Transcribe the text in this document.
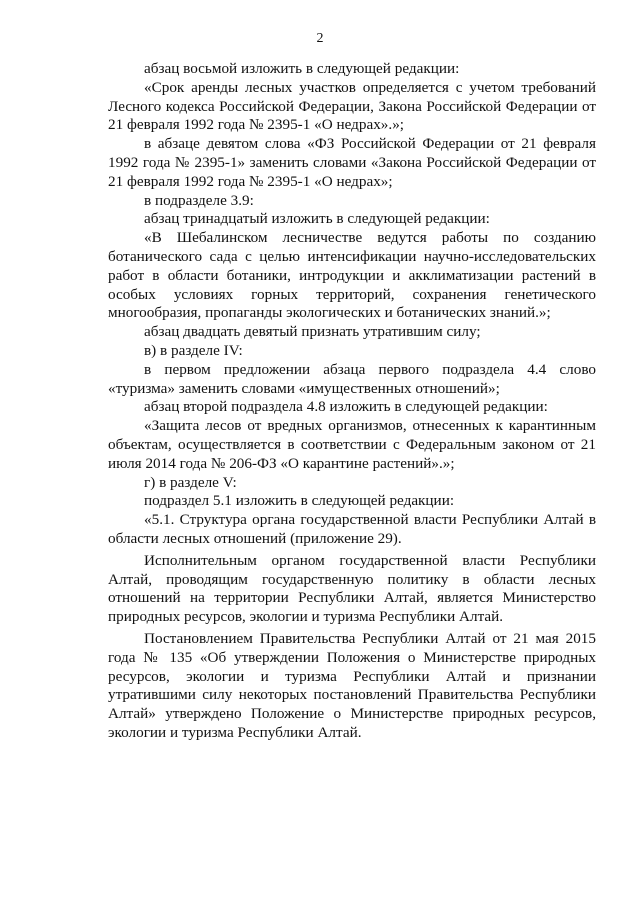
2

абзац восьмой изложить в следующей редакции:

«Срок аренды лесных участков определяется с учетом требований Лесного кодекса Российской Федерации, Закона Российской Федерации от 21 февраля 1992 года № 2395-1 «О недрах».»;

в абзаце девятом слова «ФЗ Российской Федерации от 21 февраля 1992 года № 2395-1» заменить словами «Закона Российской Федерации от 21 февраля 1992 года № 2395-1 «О недрах»;

в подразделе 3.9:

абзац тринадцатый изложить в следующей редакции:

«В Шебалинском лесничестве ведутся работы по созданию ботанического сада с целью интенсификации научно-исследовательских работ в области ботаники, интродукции и акклиматизации растений в особых условиях горных территорий, сохранения генетического многообразия, пропаганды экологических и ботанических знаний.»;

абзац двадцать девятый признать утратившим силу;

в) в разделе IV:

в первом предложении абзаца первого подраздела 4.4 слово «туризма» заменить словами «имущественных отношений»;

абзац второй подраздела 4.8 изложить в следующей редакции:

«Защита лесов от вредных организмов, отнесенных к карантинным объектам, осуществляется в соответствии с Федеральным законом от 21 июля 2014 года № 206-ФЗ «О карантине растений».»;

г) в разделе V:

подраздел 5.1 изложить в следующей редакции:

«5.1. Структура органа государственной власти Республики Алтай в области лесных отношений (приложение 29).

Исполнительным органом государственной власти Республики Алтай, проводящим государственную политику в области лесных отношений на территории Республики Алтай, является Министерство природных ресурсов, экологии и туризма Республики Алтай.

Постановлением Правительства Республики Алтай от 21 мая 2015 года № 135 «Об утверждении Положения о Министерстве природных ресурсов, экологии и туризма Республики Алтай и признании утратившими силу некоторых постановлений Правительства Республики Алтай» утверждено Положение о Министерстве природных ресурсов, экологии и туризма Республики Алтай.
